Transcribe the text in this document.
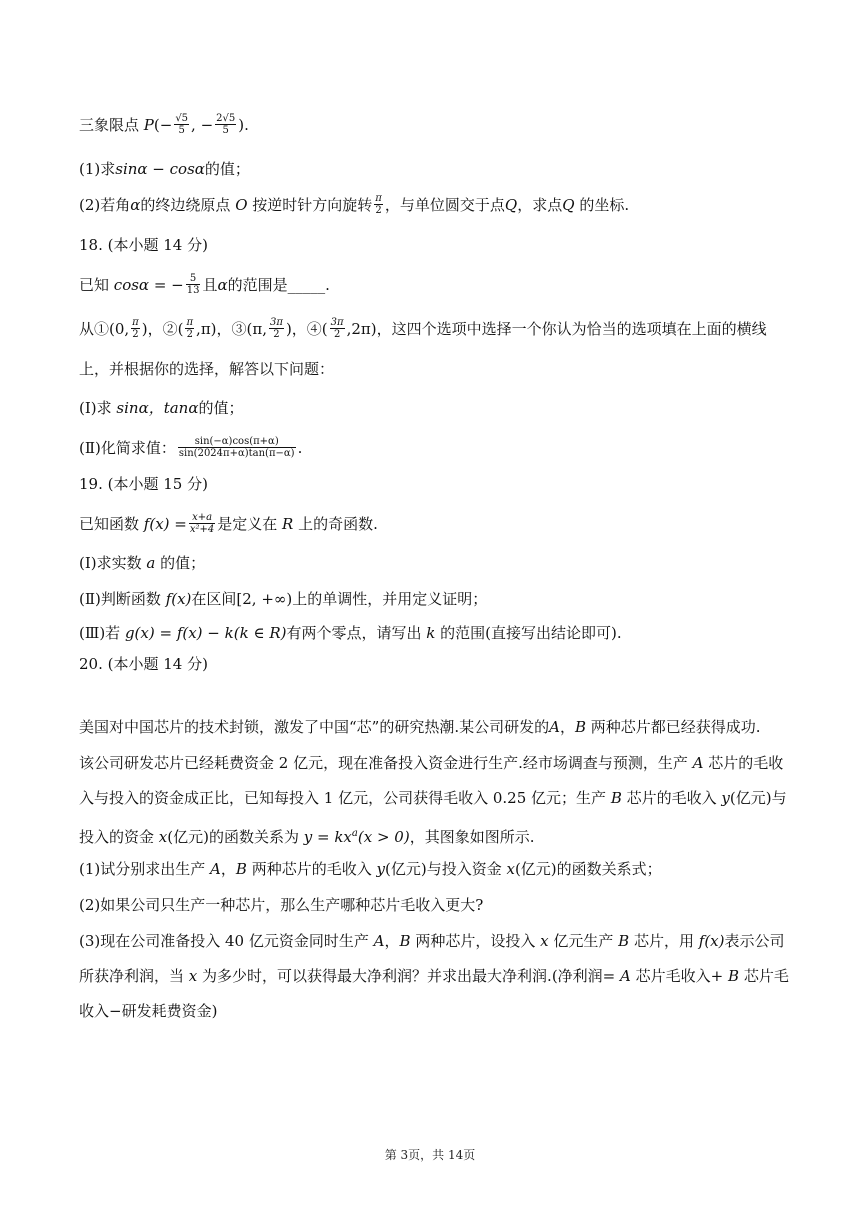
三象限点 $P(- \frac{√5}{5}$ , − $\frac{2√5}{5}$ ).
(1)求sinα − cosα的值；
(2)若角α的终边绕原点 O 按逆时针方向旋转 $\frac{\pi}{2}$ ，与单位圆交于点Q，求点Q 的坐标.
18. (本小题 14 分)
已知 cosα = − $\frac{5}{13}$ 且α的范围是_____.
从①(0, $\frac{\pi}{2}$ )，②( $\frac{\pi}{2} ,\pi$)，③(π, $\frac{3\pi}{2}$ )，④( $\frac{3\pi}{2} ,2\pi$)，这四个选项中选择一个你认为恰当的选项填在上面的横线
上，并根据你的选择，解答以下问题：
(Ⅰ)求 sinα，tanα的值；
(Ⅱ)化简求值： $\frac{\sin(-\alpha)\cos(\pi+\alpha)}{\sin(2024\pi+\alpha)\tan(\pi-\alpha)}$ .
19. (本小题 15 分)
已知函数 $f(x) = \frac{x+a}{\text{x²+4}}$ 是定义在 R 上的奇函数.
(Ⅰ)求实数 a 的值；
(Ⅱ)判断函数 f(x)在区间[2, +∞)上的单调性，并用定义证明；
(Ⅲ)若 g(x) = f(x) − k(k ∈ R)有两个零点，请写出 k 的范围(直接写出结论即可).
20. (本小题 14 分)
美国对中国芯片的技术封锁，激发了中国“芯”的研究热潮.某公司研发的A，B 两种芯片都已经获得成功.
该公司研发芯片已经耗费资金 2 亿元，现在准备投入资金进行生产.经市场调查与预测，生产 A 芯片的毛收
入与投入的资金成正比，已知每投入 1 亿元，公司获得毛收入 0.25 亿元；生产 B 芯片的毛收入 y(亿元)与
投入的资金 x(亿元)的函数关系为 $y = kx^a(x > 0)$，其图象如图所示.
(1)试分别求出生产 A，B 两种芯片的毛收入 y(亿元)与投入资金 x(亿元)的函数关系式；
(2)如果公司只生产一种芯片，那么生产哪种芯片毛收入更大?
(3)现在公司准备投入 40 亿元资金同时生产 A，B 两种芯片，设投入 x 亿元生产 B 芯片，用 f(x)表示公司
所获净利润，当 x 为多少时，可以获得最大净利润？并求出最大净利润.(净利润= A 芯片毛收入+ B 芯片毛
收入−研发耗费资金)
第 3页，共 14页
